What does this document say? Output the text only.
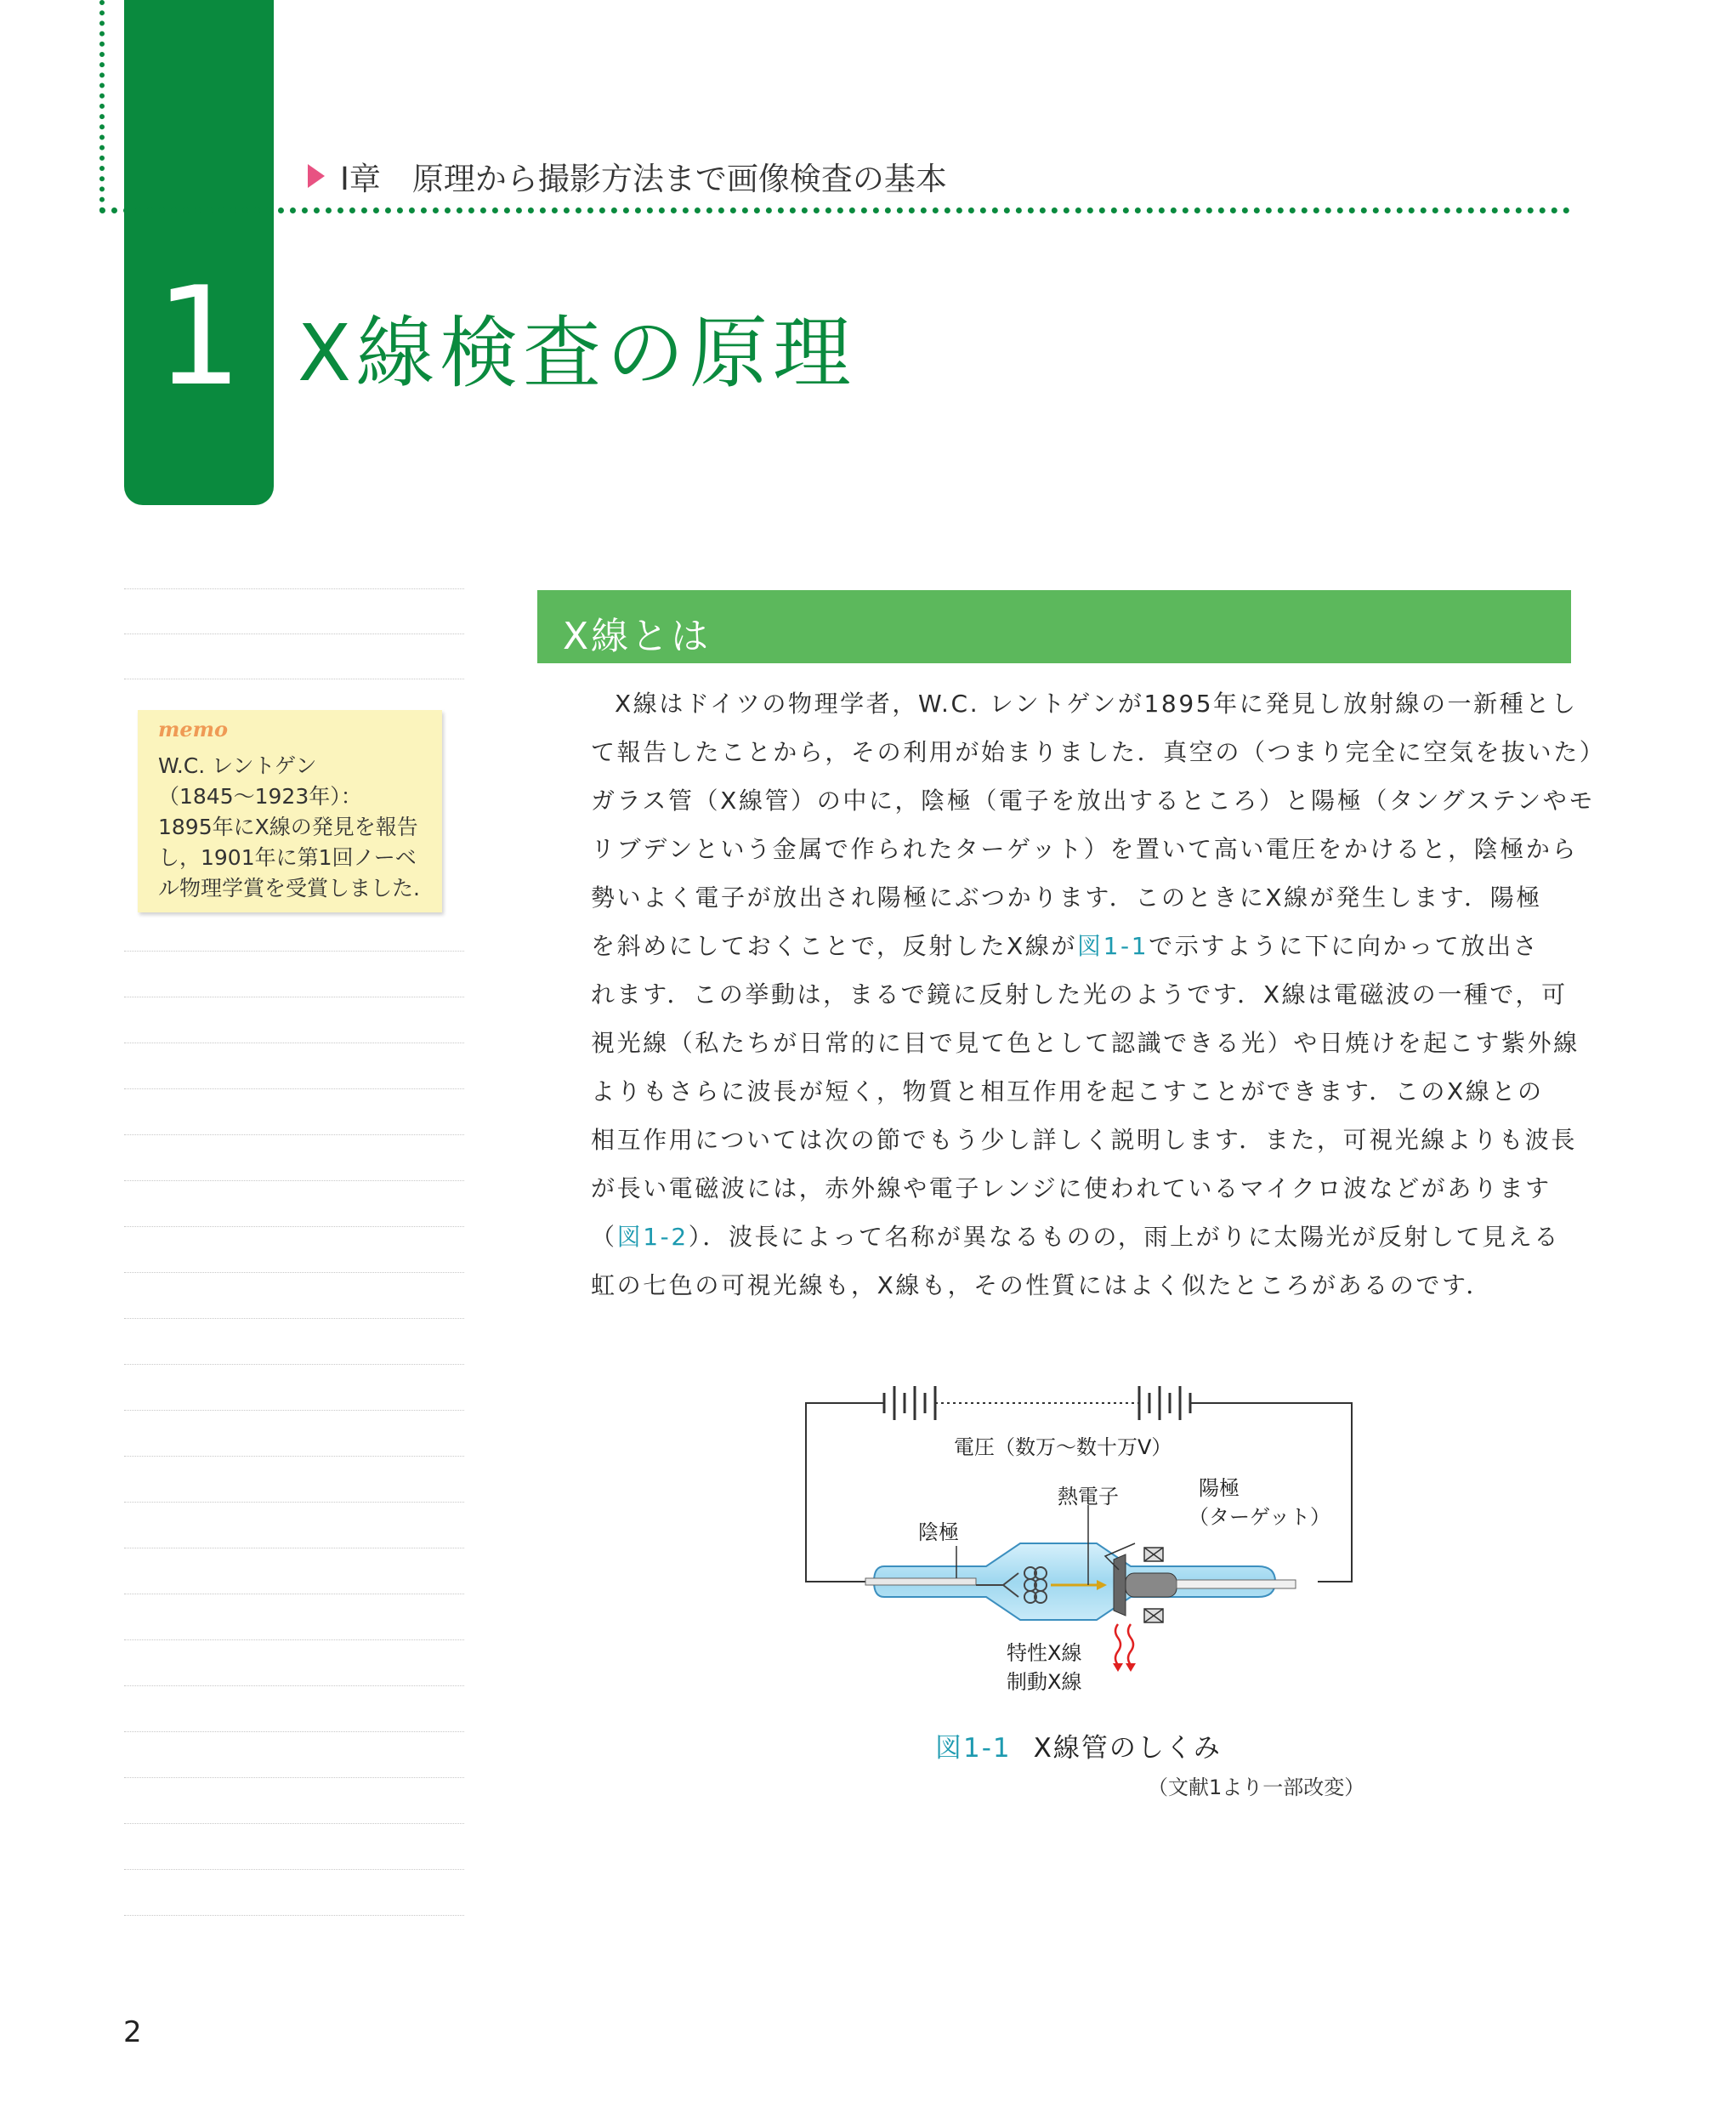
1
Ⅰ章　原理から撮影方法まで画像検査の基本
X線検査の原理
memo
W.C. レントゲン
（1845〜1923年）：
1895年にX線の発見を報告
し，1901年に第1回ノーベ
ル物理学賞を受賞しました.
X線とは
X線はドイツの物理学者，W.C. レントゲンが1895年に発見し放射線の一新種とし
て報告したことから，その利用が始まりました．真空の（つまり完全に空気を抜いた）
ガラス管（X線管）の中に，陰極（電子を放出するところ）と陽極（タングステンやモ
リブデンという金属で作られたターゲット）を置いて高い電圧をかけると，陰極から
勢いよく電子が放出され陽極にぶつかります．このときにX線が発生します．陽極
を斜めにしておくことで，反射したX線が図1-1で示すように下に向かって放出さ
れます．この挙動は，まるで鏡に反射した光のようです．X線は電磁波の一種で，可
視光線（私たちが日常的に目で見て色として認識できる光）や日焼けを起こす紫外線
よりもさらに波長が短く，物質と相互作用を起こすことができます．このX線との
相互作用については次の節でもう少し詳しく説明します．また，可視光線よりも波長
が長い電磁波には，赤外線や電子レンジに使われているマイクロ波などがあります
（図1-2）．波長によって名称が異なるものの，雨上がりに太陽光が反射して見える
虹の七色の可視光線も，X線も，その性質にはよく似たところがあるのです．
電圧（数万〜数十万V）
熱電子
陰極
陽極
（ターゲット）
特性X線
制動X線
図1-1 X線管のしくみ
（文献1より一部改変）
2
